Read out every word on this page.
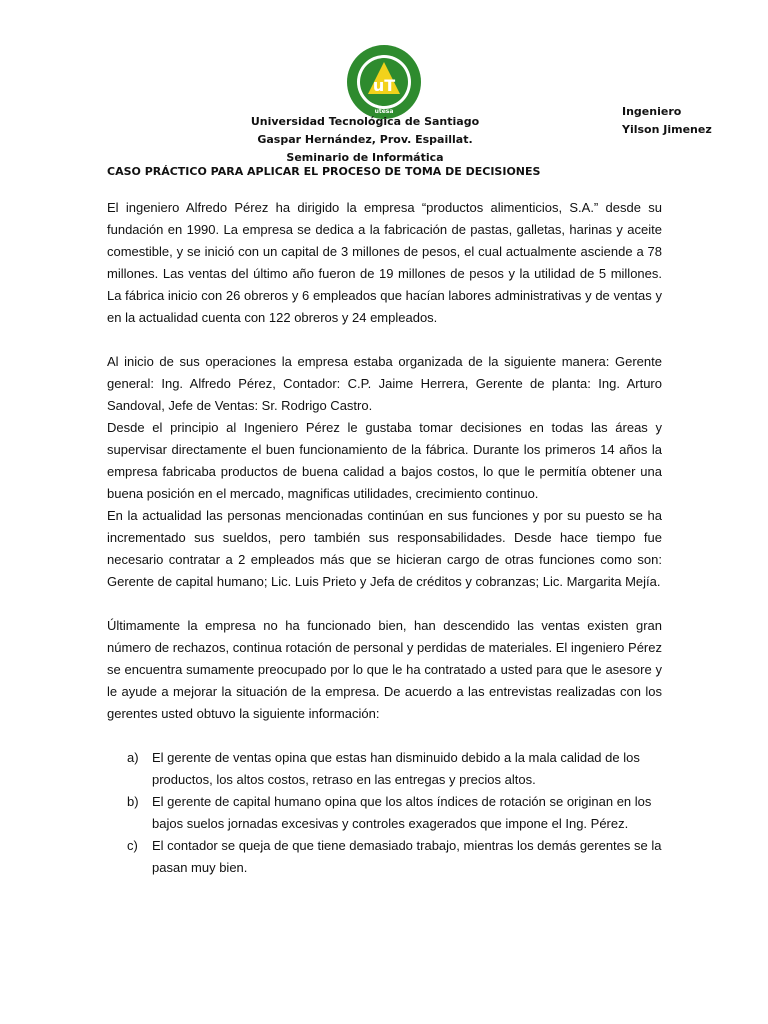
uT
utesa
Universidad Tecnológica de Santiago
Gaspar Hernández, Prov. Espaillat.
Seminario de Informática
Ingeniero
Yilson Jimenez
CASO PRÁCTICO PARA APLICAR EL PROCESO DE TOMA DE DECISIONES

El ingeniero Alfredo Pérez ha dirigido la empresa “productos alimenticios, S.A.” desde su fundación en 1990. La empresa se dedica a la fabricación de pastas, galletas, harinas y aceite comestible, y se inició con un capital de 3 millones de pesos, el cual actualmente asciende a 78 millones. Las ventas del último año fueron de 19 millones de pesos y la utilidad de 5 millones. La fábrica inicio con 26 obreros y 6 empleados que hacían labores administrativas y de ventas y en la actualidad cuenta con 122 obreros y 24 empleados.

Al inicio de sus operaciones la empresa estaba organizada de la siguiente manera: Gerente general: Ing. Alfredo Pérez, Contador: C.P. Jaime Herrera, Gerente de planta: Ing. Arturo Sandoval, Jefe de Ventas: Sr. Rodrigo Castro.

Desde el principio al Ingeniero Pérez le gustaba tomar decisiones en todas las áreas y supervisar directamente el buen funcionamiento de la fábrica. Durante los primeros 14 años la empresa fabricaba productos de buena calidad a bajos costos, lo que le permitía obtener una buena posición en el mercado, magnificas utilidades, crecimiento continuo.

En la actualidad las personas mencionadas continúan en sus funciones y por su puesto se ha incrementado sus sueldos, pero también sus responsabilidades. Desde hace tiempo fue necesario contratar a 2 empleados más que se hicieran cargo de otras funciones como son: Gerente de capital humano; Lic. Luis Prieto y Jefa de créditos y cobranzas; Lic. Margarita Mejía.

Últimamente la empresa no ha funcionado bien, han descendido las ventas existen gran número de rechazos, continua rotación de personal y perdidas de materiales. El ingeniero Pérez se encuentra sumamente preocupado por lo que le ha contratado a usted para que le asesore y le ayude a mejorar la situación de la empresa. De acuerdo a las entrevistas realizadas con los gerentes usted obtuvo la siguiente información:

a) El gerente de ventas opina que estas han disminuido debido a la mala calidad de los productos, los altos costos, retraso en las entregas y precios altos.
b) El gerente de capital humano opina que los altos índices de rotación se originan en los bajos suelos jornadas excesivas y controles exagerados que impone el Ing. Pérez.
c) El contador se queja de que tiene demasiado trabajo, mientras los demás gerentes se la pasan muy bien.
